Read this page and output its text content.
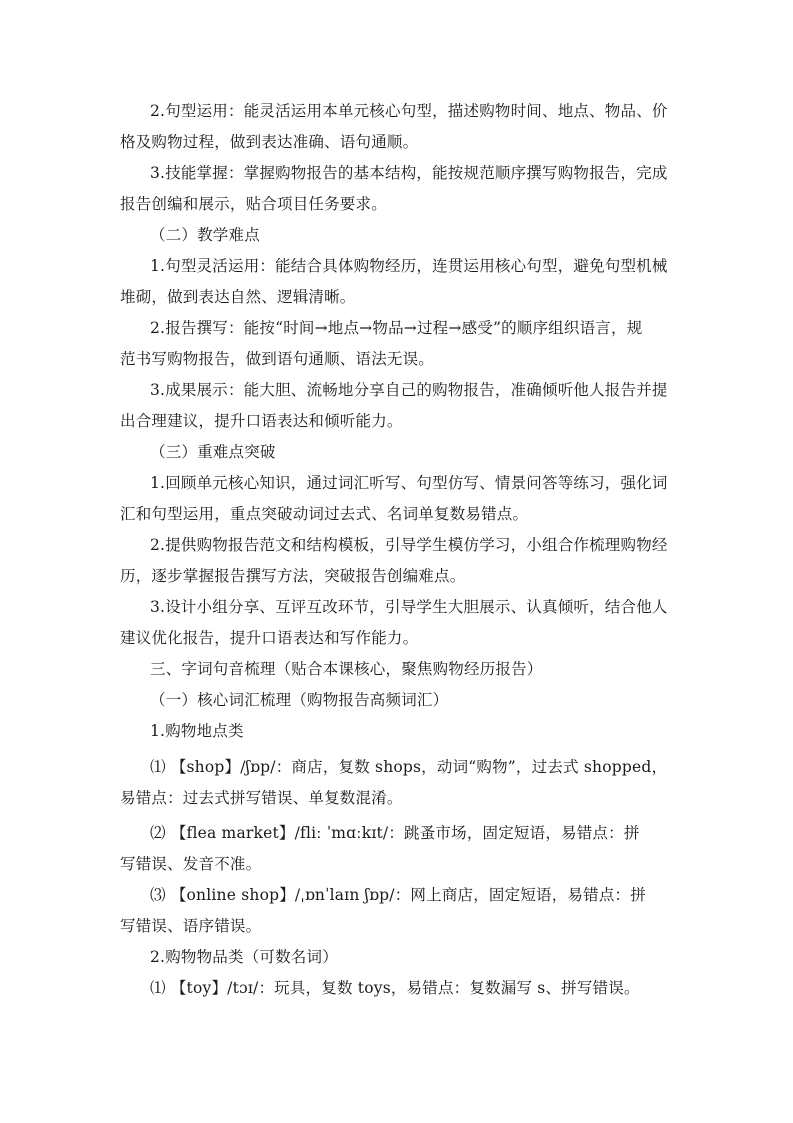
2.句型运用：能灵活运用本单元核心句型，描述购物时间、地点、物品、价
格及购物过程，做到表达准确、语句通顺。
3.技能掌握：掌握购物报告的基本结构，能按规范顺序撰写购物报告，完成
报告创编和展示，贴合项目任务要求。
（二）教学难点
1.句型灵活运用：能结合具体购物经历，连贯运用核心句型，避免句型机械
堆砌，做到表达自然、逻辑清晰。
2.报告撰写：能按“时间→地点→物品→过程→感受”的顺序组织语言，规
范书写购物报告，做到语句通顺、语法无误。
3.成果展示：能大胆、流畅地分享自己的购物报告，准确倾听他人报告并提
出合理建议，提升口语表达和倾听能力。
（三）重难点突破
1.回顾单元核心知识，通过词汇听写、句型仿写、情景问答等练习，强化词
汇和句型运用，重点突破动词过去式、名词单复数易错点。
2.提供购物报告范文和结构模板，引导学生模仿学习，小组合作梳理购物经
历，逐步掌握报告撰写方法，突破报告创编难点。
3.设计小组分享、互评互改环节，引导学生大胆展示、认真倾听，结合他人
建议优化报告，提升口语表达和写作能力。
三、字词句音梳理（贴合本课核心，聚焦购物经历报告）
（一）核心词汇梳理（购物报告高频词汇）
1.购物地点类
⑴ 【shop】/ʃɒp/：商店，复数 shops，动词“购物”，过去式 shopped，
易错点：过去式拼写错误、单复数混淆。
⑵ 【flea market】/fliː ˈmɑːkɪt/：跳蚤市场，固定短语，易错点：拼
写错误、发音不准。
⑶ 【online shop】/ˌɒnˈlaɪn ʃɒp/：网上商店，固定短语，易错点：拼
写错误、语序错误。
2.购物物品类（可数名词）
⑴ 【toy】/tɔɪ/：玩具，复数 toys，易错点：复数漏写 s、拼写错误。
